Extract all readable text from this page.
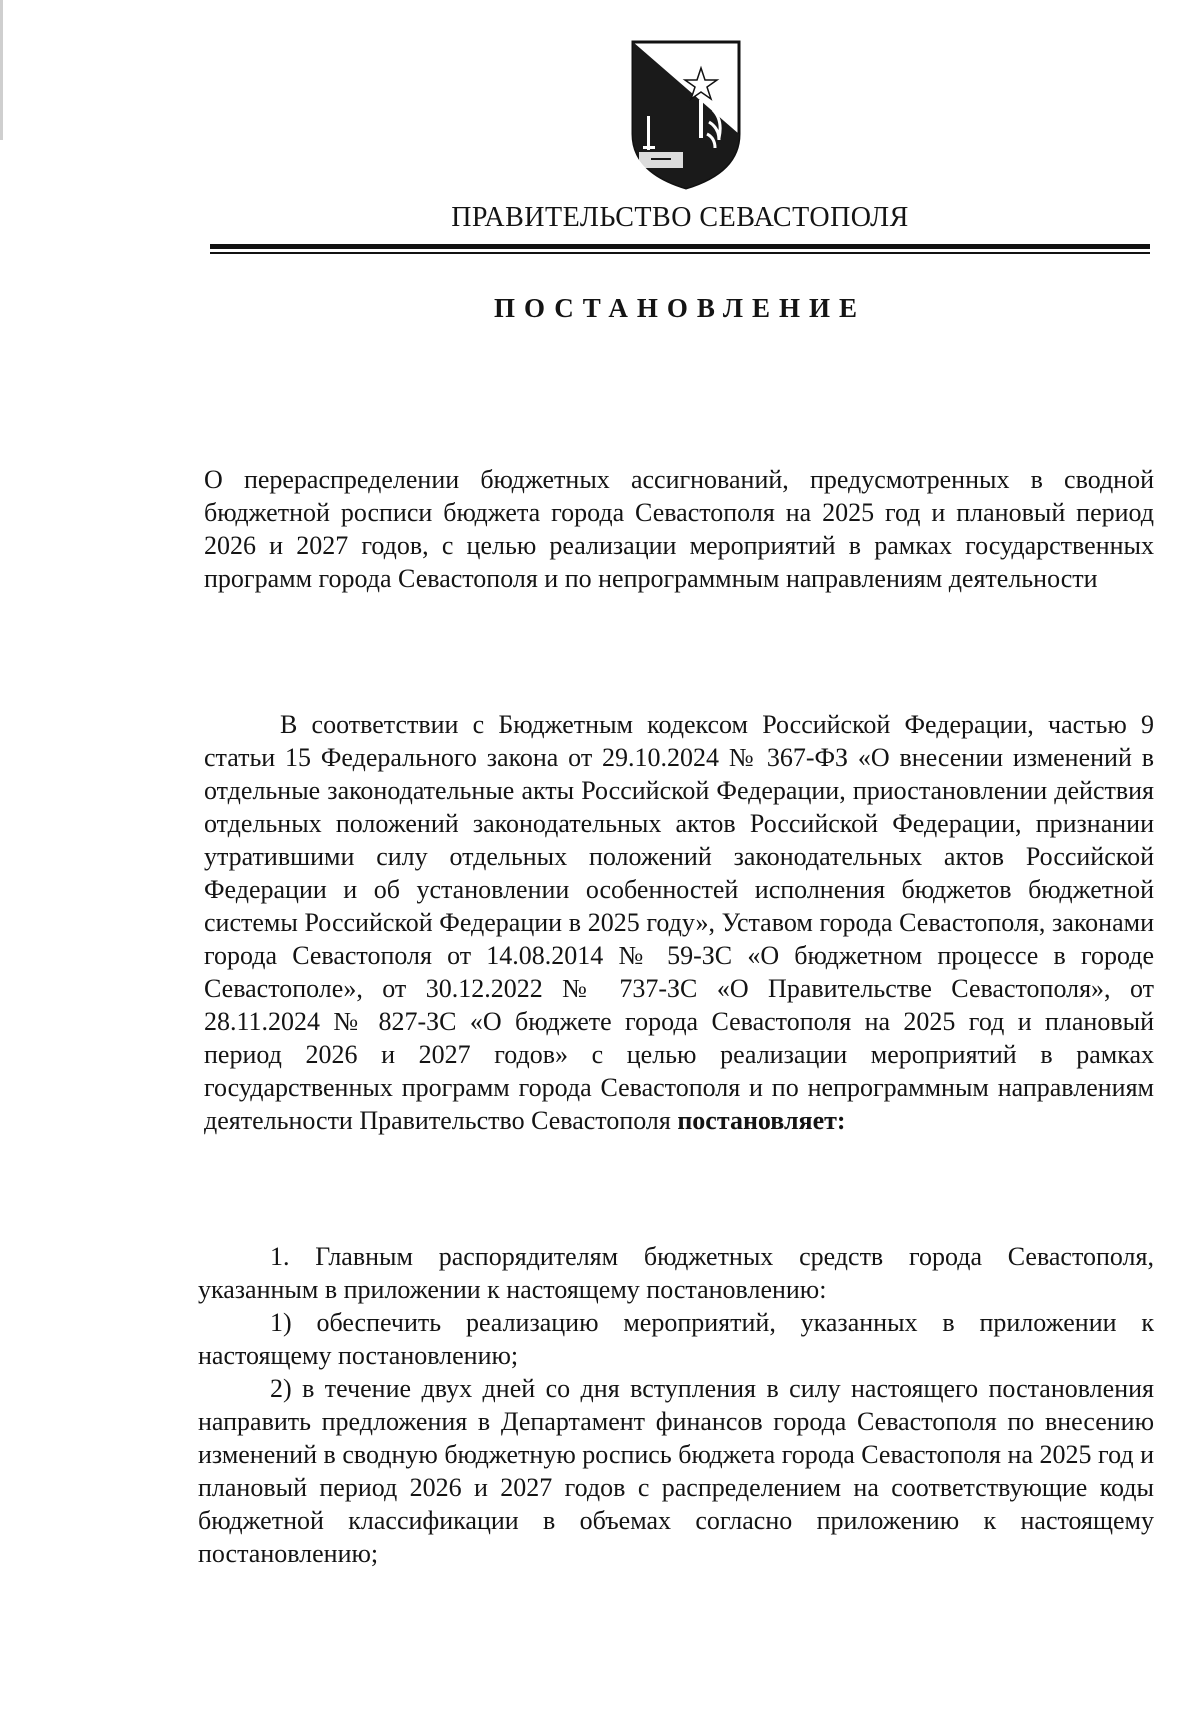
ПРАВИТЕЛЬСТВО СЕВАСТОПОЛЯ
ПОСТАНОВЛЕНИЕ
О перераспределении бюджетных ассигнований, предусмотренных в сводной бюджетной росписи бюджета города Севастополя на 2025 год и плановый период 2026 и 2027 годов, с целью реализации мероприятий в рамках государственных программ города Севастополя и по непрограммным направлениям деятельности
В соответствии с Бюджетным кодексом Российской Федерации, частью 9 статьи 15 Федерального закона от 29.10.2024 № 367-ФЗ «О внесении изменений в отдельные законодательные акты Российской Федерации, приостановлении действия отдельных положений законодательных актов Российской Федерации, признании утратившими силу отдельных положений законодательных актов Российской Федерации и об установлении особенностей исполнения бюджетов бюджетной системы Российской Федерации в 2025 году», Уставом города Севастополя, законами города Севастополя от 14.08.2014 № 59-ЗС «О бюджетном процессе в городе Севастополе», от 30.12.2022 № 737-ЗС «О Правительстве Севастополя», от 28.11.2024 № 827-ЗС «О бюджете города Севастополя на 2025 год и плановый период 2026 и 2027 годов» с целью реализации мероприятий в рамках государственных программ города Севастополя и по непрограммным направлениям деятельности Правительство Севастополя постановляет:

1. Главным распорядителям бюджетных средств города Севастополя, указанным в приложении к настоящему постановлению:

1) обеспечить реализацию мероприятий, указанных в приложении к настоящему постановлению;

2) в течение двух дней со дня вступления в силу настоящего постановления направить предложения в Департамент финансов города Севастополя по внесению изменений в сводную бюджетную роспись бюджета города Севастополя на 2025 год и плановый период 2026 и 2027 годов с распределением на соответствующие коды бюджетной классификации в объемах согласно приложению к настоящему постановлению;
